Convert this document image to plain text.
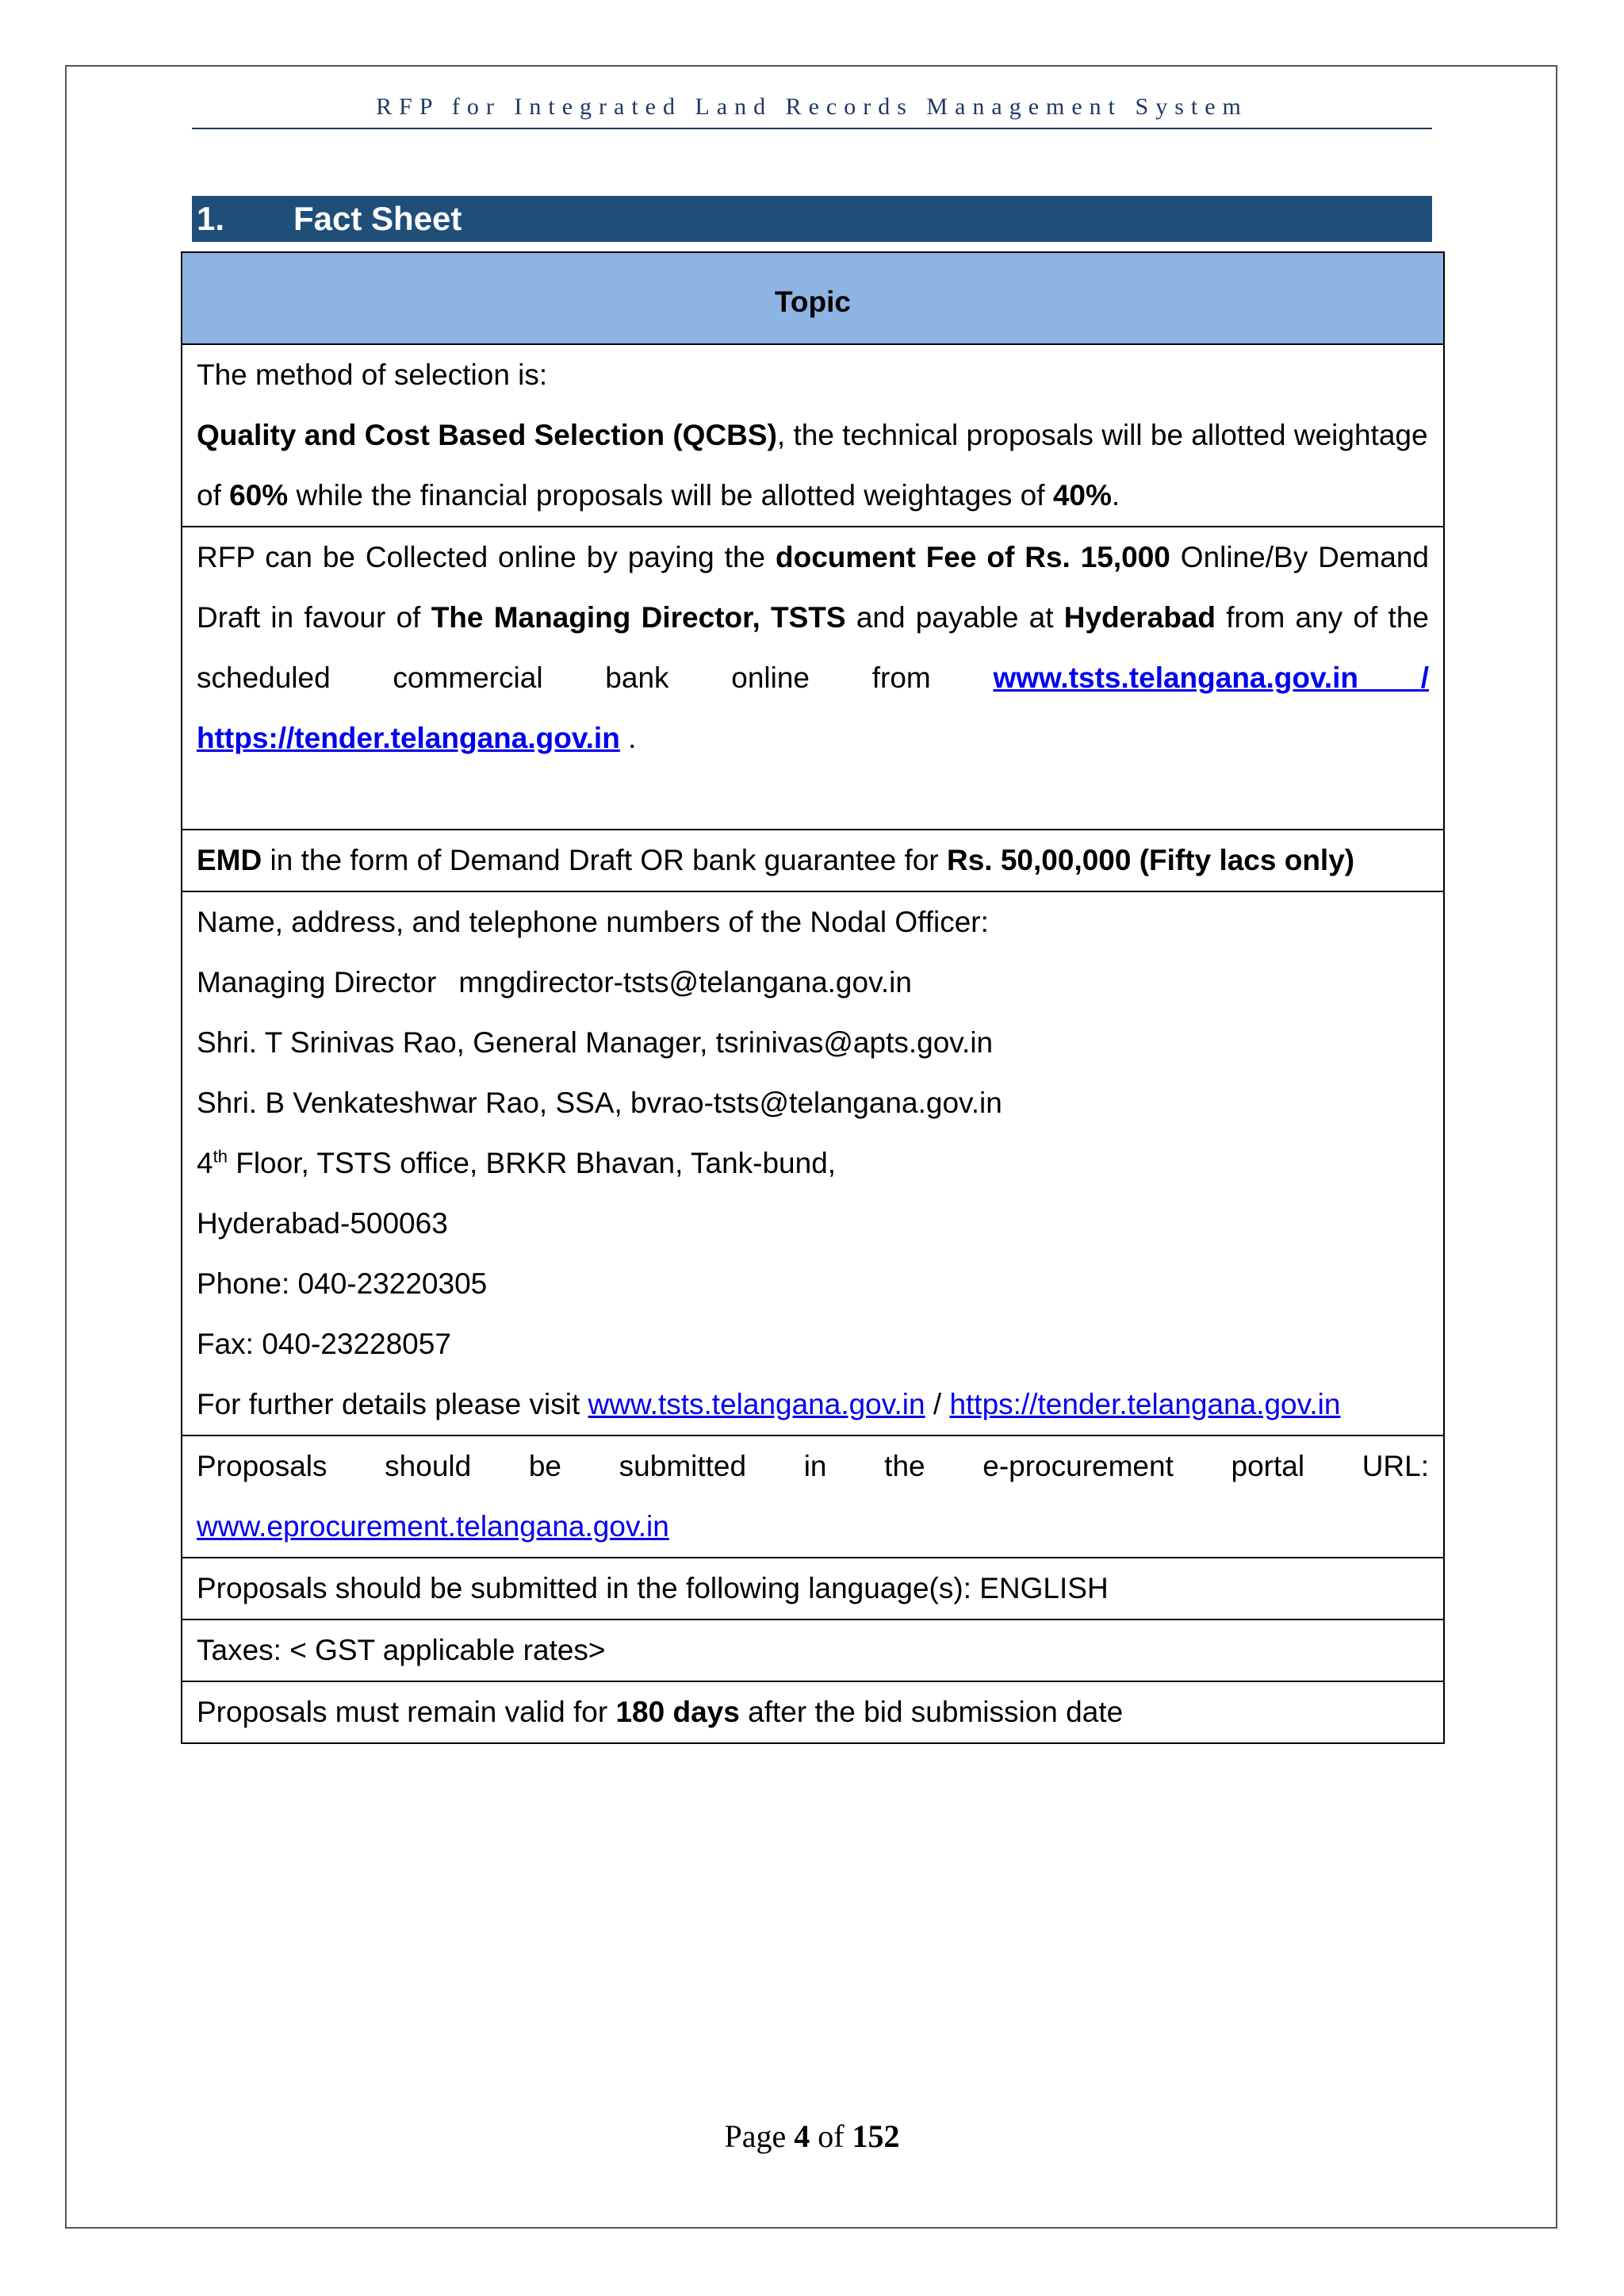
RFP for Integrated Land Records Management System
1. Fact Sheet
Topic

The method of selection is:
Quality and Cost Based Selection (QCBS), the technical proposals will be allotted weightage
of 60% while the financial proposals will be allotted weightages of 40%.

RFP can be Collected online by paying the document Fee of Rs. 15,000 Online/By Demand
Draft in favour of The Managing Director, TSTS and payable at Hyderabad from any of the
scheduled commercial bank online from www.tsts.telangana.gov.in /
https://tender.telangana.gov.in .

EMD in the form of Demand Draft OR bank guarantee for Rs. 50,00,000 (Fifty lacs only)

Name, address, and telephone numbers of the Nodal Officer:
Managing Director mngdirector-tsts@telangana.gov.in
Shri. T Srinivas Rao, General Manager, tsrinivas@apts.gov.in
Shri. B Venkateshwar Rao, SSA, bvrao-tsts@telangana.gov.in
4th Floor, TSTS office, BRKR Bhavan, Tank-bund,
Hyderabad-500063
Phone: 040-23220305
Fax: 040-23228057
For further details please visit www.tsts.telangana.gov.in / https://tender.telangana.gov.in

Proposals should be submitted in the e-procurement portal URL:
www.eprocurement.telangana.gov.in

Proposals should be submitted in the following language(s): ENGLISH

Taxes: < GST applicable rates>

Proposals must remain valid for 180 days after the bid submission date
Page 4 of 152
